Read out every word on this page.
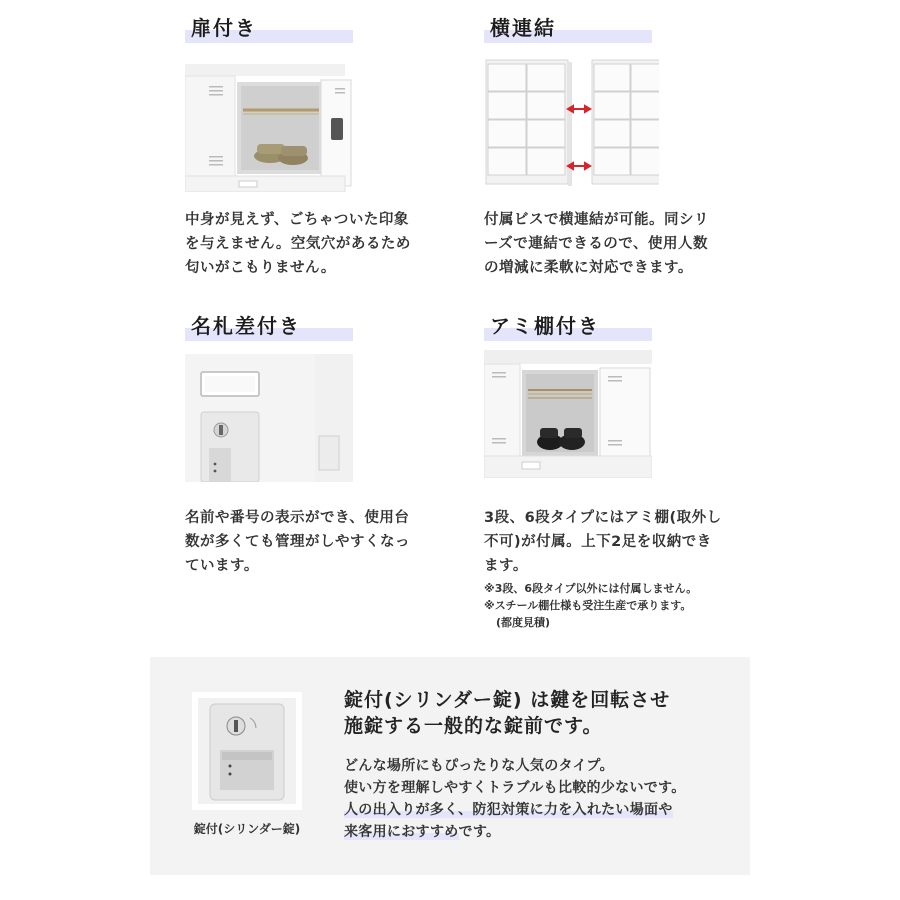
扉付き
中身が見えず、ごちゃついた印象
を与えません。空気穴があるため
匂いがこもりません。
横連結
付属ビスで横連結が可能。同シリ
ーズで連結できるので、使用人数
の増減に柔軟に対応できます。
名札差付き
名前や番号の表示ができ、使用台
数が多くても管理がしやすくなっ
ています。
アミ棚付き
3段、6段タイプにはアミ棚(取外し
不可)が付属。上下2足を収納でき
ます。
※3段、6段タイプ以外には付属しません。
※スチール棚仕様も受注生産で承ります。
(都度見積)
錠付(シリンダー錠)
錠付(シリンダー錠) は鍵を回転させ
施錠する一般的な錠前です。
どんな場所にもぴったりな人気のタイプ。
使い方を理解しやすくトラブルも比較的少ないです。
人の出入りが多く、防犯対策に力を入れたい場面や
来客用におすすめです。
